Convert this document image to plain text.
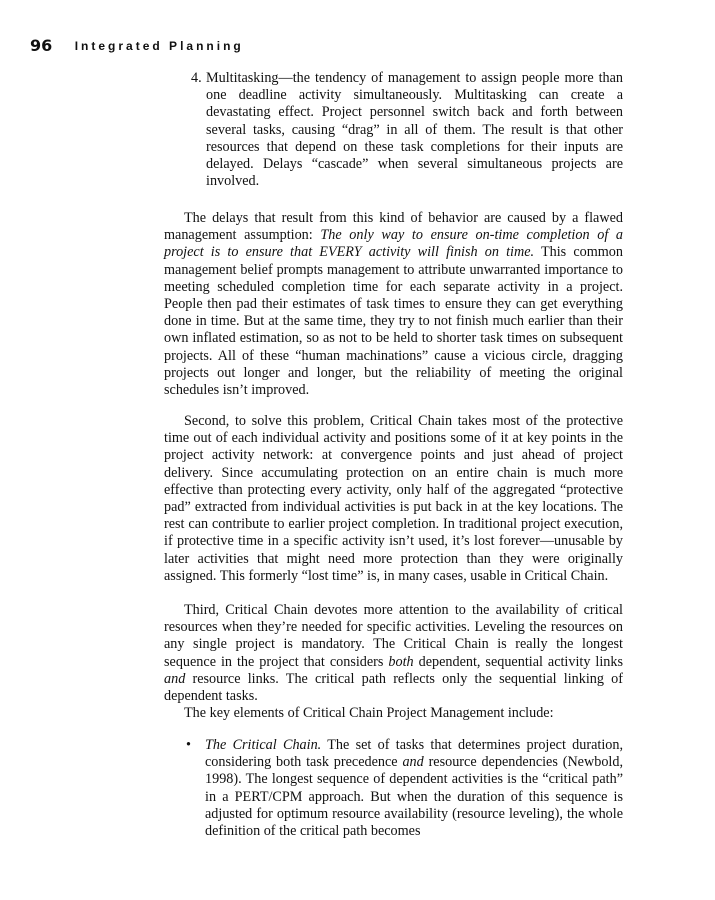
96 Integrated Planning
4. Multitasking—the tendency of management to assign people more than one deadline activity simultaneously. Multitasking can create a devastating effect. Project personnel switch back and forth between several tasks, causing “drag” in all of them. The result is that other resources that depend on these task completions for their inputs are delayed. Delays “cascade” when several simultaneous projects are involved.

The delays that result from this kind of behavior are caused by a flawed management assumption: The only way to ensure on-time completion of a project is to ensure that EVERY activity will finish on time. This common management belief prompts management to attribute unwarranted importance to meeting scheduled completion time for each separate activity in a project. People then pad their estimates of task times to ensure they can get everything done in time. But at the same time, they try to not finish much earlier than their own inflated estimation, so as not to be held to shorter task times on subsequent projects. All of these “human machinations” cause a vicious circle, dragging projects out longer and longer, but the reliability of meeting the original schedules isn’t improved.

Second, to solve this problem, Critical Chain takes most of the protective time out of each individual activity and positions some of it at key points in the project activity network: at convergence points and just ahead of project delivery. Since accumulating protection on an entire chain is much more effective than protecting every activity, only half of the aggregated “protective pad” extracted from individual activities is put back in at the key locations. The rest can contribute to earlier project completion. In traditional project execution, if protective time in a specific activity isn’t used, it’s lost forever—unusable by later activities that might need more protection than they were originally assigned. This formerly “lost time” is, in many cases, usable in Critical Chain.

Third, Critical Chain devotes more attention to the availability of critical resources when they’re needed for specific activities. Leveling the resources on any single project is mandatory. The Critical Chain is really the longest sequence in the project that considers both dependent, sequential activity links and resource links. The critical path reflects only the sequential linking of dependent tasks.

The key elements of Critical Chain Project Management include:

• The Critical Chain. The set of tasks that determines project duration, considering both task precedence and resource dependencies (Newbold, 1998). The longest sequence of dependent activities is the “critical path” in a PERT/CPM approach. But when the duration of this sequence is adjusted for optimum resource availability (resource leveling), the whole definition of the critical path becomes
